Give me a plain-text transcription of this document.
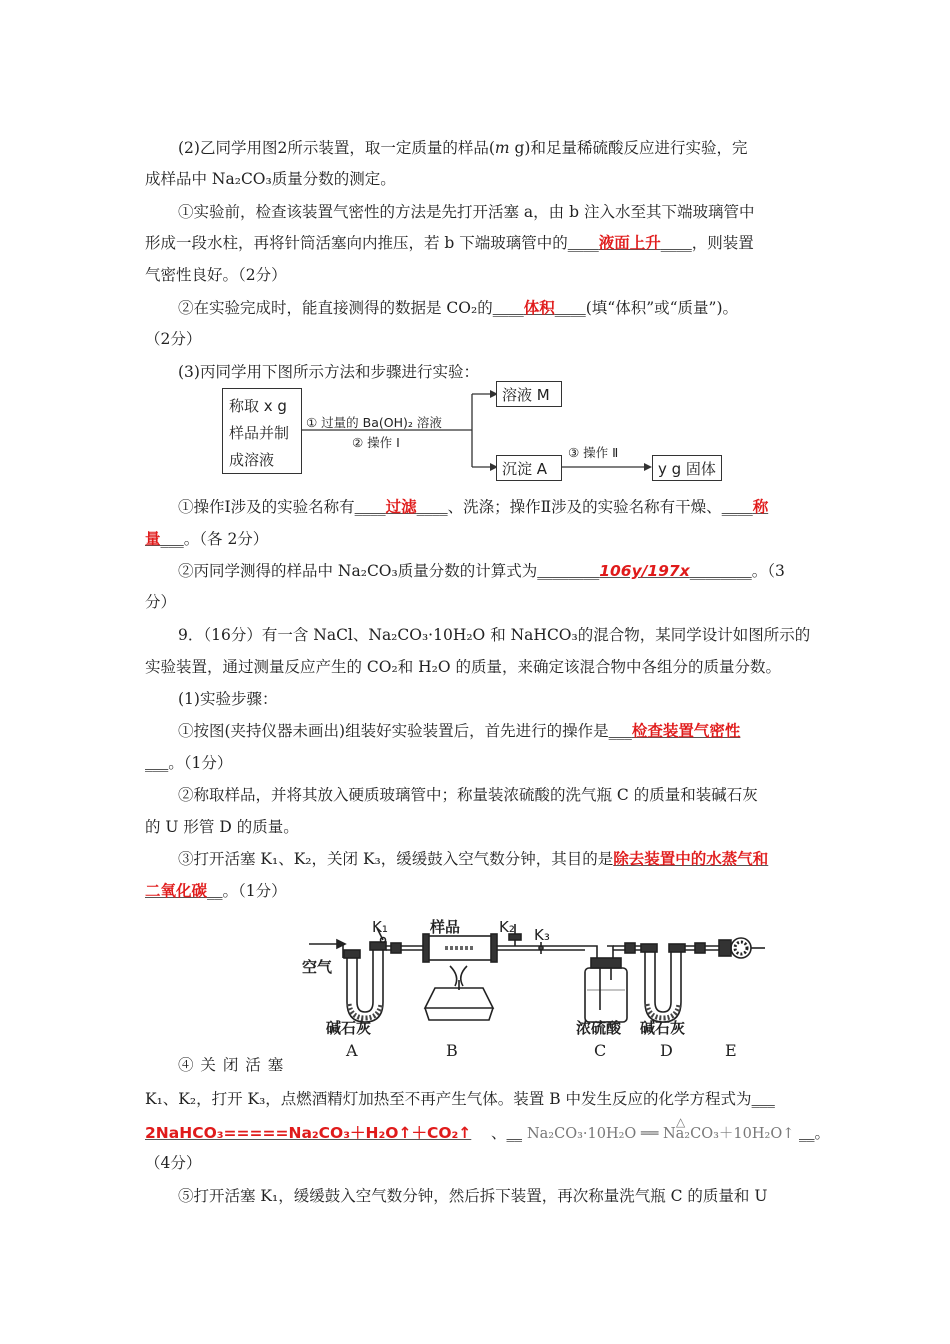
(2)乙同学用图2所示装置，取一定质量的样品(m g)和足量稀硫酸反应进行实验，完
成样品中 Na₂CO₃质量分数的测定。
①实验前，检查该装置气密性的方法是先打开活塞 a，由 b 注入水至其下端玻璃管中
形成一段水柱，再将针筒活塞向内推压，若 b 下端玻璃管中的____液面上升____，则装置
气密性良好。（2分）
②在实验完成时，能直接测得的数据是 CO₂的____体积____(填“体积”或“质量”)。
（2分）
(3)丙同学用下图所示方法和步骤进行实验：
称取 x g
样品并制
成溶液
① 过量的 Ba(OH)₂ 溶液
② 操作 Ⅰ
溶液 M
沉淀 A
③ 操作 Ⅱ
y g 固体
①操作Ⅰ涉及的实验名称有____过滤____、洗涤；操作Ⅱ涉及的实验名称有干燥、____称
量___。（各 2分）
②丙同学测得的样品中 Na₂CO₃质量分数的计算式为________106y/197x________。（3
分）
9．（16分）有一含 NaCl、Na₂CO₃·10H₂O 和 NaHCO₃的混合物，某同学设计如图所示的
实验装置，通过测量反应产生的 CO₂和 H₂O 的质量，来确定该混合物中各组分的质量分数。
(1)实验步骤：
①按图(夹持仪器未画出)组装好实验装置后，首先进行的操作是___检查装置气密性
___。（1分）
②称取样品，并将其放入硬质玻璃管中；称量装浓硫酸的洗气瓶 C 的质量和装碱石灰
的 U 形管 D 的质量。
③打开活塞 K₁、K₂，关闭 K₃，缓缓鼓入空气数分钟，其目的是除去装置中的水蒸气和
二氧化碳__。（1分）
空气
K₁	样品	K₂ K₃
碱石灰	浓硫酸 碱石灰
A	B	C	D	E
④ 关 闭 活 塞
K₁、K₂，打开 K₃，点燃酒精灯加热至不再产生气体。装置 B 中发生反应的化学方程式为___
2NaHCO₃=====Na₂CO₃＋H₂O↑＋CO₂↑ 、__ Na₂CO₃·10H₂O ══ Na₂CO₃＋10H₂O↑
△
__。
（4分）
⑤打开活塞 K₁，缓缓鼓入空气数分钟，然后拆下装置，再次称量洗气瓶 C 的质量和 U
